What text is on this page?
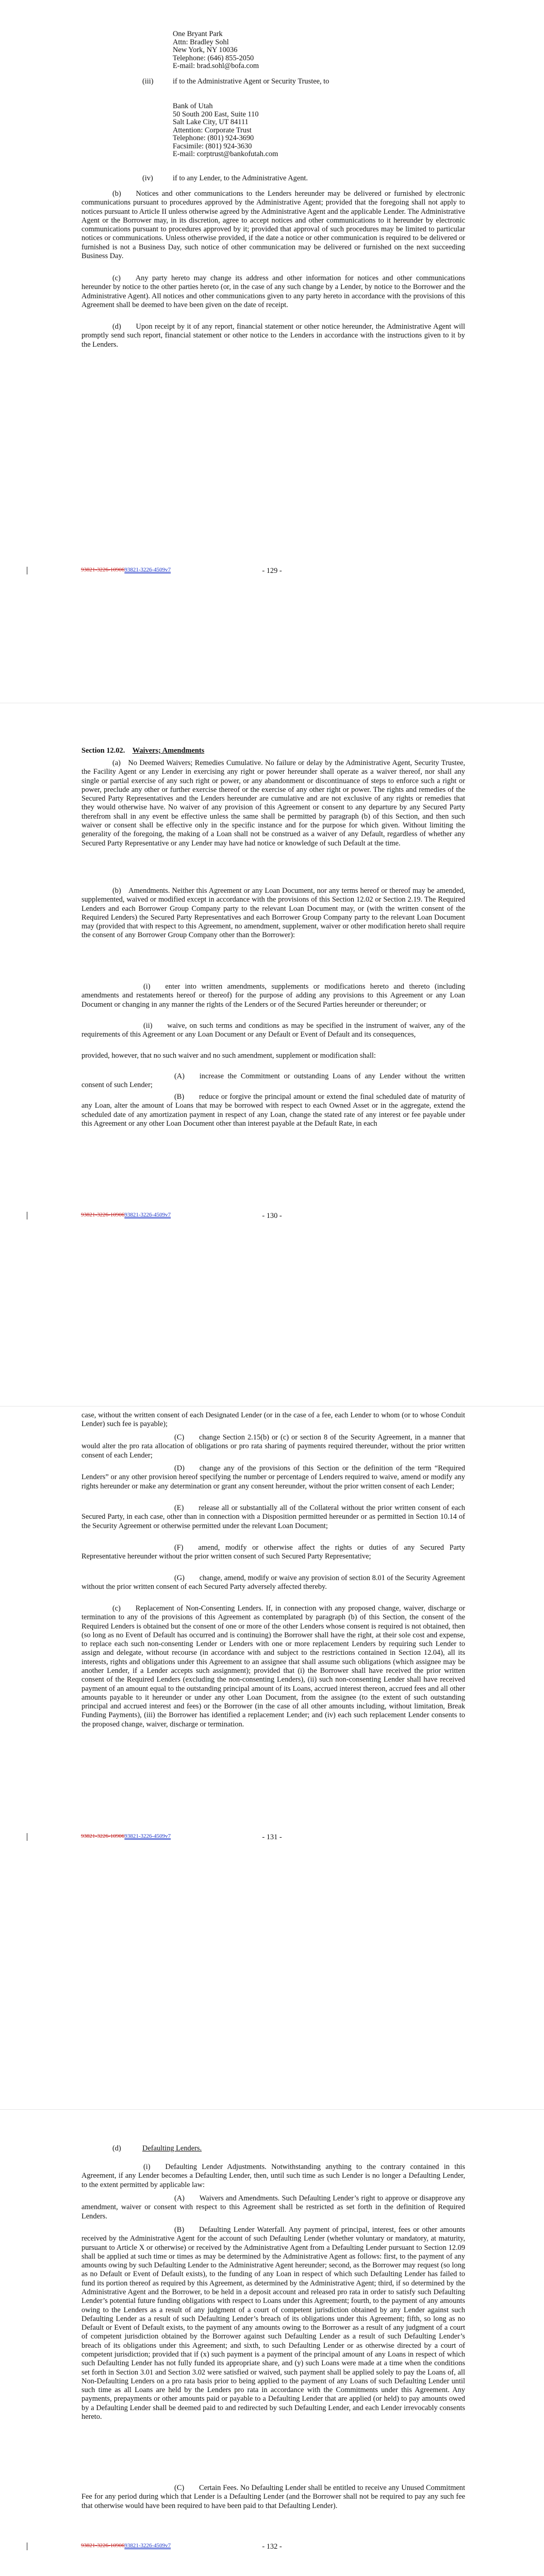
One Bryant Park
Attn: Bradley Sohl
New York, NY 10036
Telephone: (646) 855-2050
E-mail: brad.sohl@bofa.com
(iii)	if to the Administrative Agent or Security Trustee, to
Bank of Utah
50 South 200 East, Suite 110
Salt Lake City, UT 84111
Attention: Corporate Trust
Telephone: (801) 924-3690
Facsimile: (801) 924-3630
E-mail: corptrust@bankofutah.com
(iv)	if to any Lender, to the Administrative Agent.

(b)  Notices and other communications to the Lenders hereunder may be delivered or furnished by electronic communications pursuant to procedures approved by the Administrative Agent; provided that the foregoing shall not apply to notices pursuant to Article II unless otherwise agreed by the Administrative Agent and the applicable Lender. The Administrative Agent or the Borrower may, in its discretion, agree to accept notices and other communications to it hereunder by electronic communications pursuant to procedures approved by it; provided that approval of such procedures may be limited to particular notices or communications. Unless otherwise provided, if the date a notice or other communication is required to be delivered or furnished is not a Business Day, such notice of other communication may be delivered or furnished on the next succeeding Business Day.

(c)  Any party hereto may change its address and other information for notices and other communications hereunder by notice to the other parties hereto (or, in the case of any such change by a Lender, by notice to the Borrower and the Administrative Agent). All notices and other communications given to any party hereto in accordance with the provisions of this Agreement shall be deemed to have been given on the date of receipt.

(d)  Upon receipt by it of any report, financial statement or other notice hereunder, the Administrative Agent will promptly send such report, financial statement or other notice to the Lenders in accordance with the instructions given to it by the Lenders.

93821-3226-1090693821-3226-4509v7	- 129 -
Section 12.02.  Waivers; Amendments

(a) No Deemed Waivers; Remedies Cumulative. No failure or delay by the Administrative Agent, Security Trustee, the Facility Agent or any Lender in exercising any right or power hereunder shall operate as a waiver thereof, nor shall any single or partial exercise of any such right or power, or any abandonment or discontinuance of steps to enforce such a right or power, preclude any other or further exercise thereof or the exercise of any other right or power. The rights and remedies of the Secured Party Representatives and the Lenders hereunder are cumulative and are not exclusive of any rights or remedies that they would otherwise have. No waiver of any provision of this Agreement or consent to any departure by any Secured Party therefrom shall in any event be effective unless the same shall be permitted by paragraph (b) of this Section, and then such waiver or consent shall be effective only in the specific instance and for the purpose for which given. Without limiting the generality of the foregoing, the making of a Loan shall not be construed as a waiver of any Default, regardless of whether any Secured Party Representative or any Lender may have had notice or knowledge of such Default at the time.

(b) Amendments. Neither this Agreement or any Loan Document, nor any terms hereof or thereof may be amended, supplemented, waived or modified except in accordance with the provisions of this Section 12.02 or Section 2.19. The Required Lenders and each Borrower Group Company party to the relevant Loan Document may, or (with the written consent of the Required Lenders) the Secured Party Representatives and each Borrower Group Company party to the relevant Loan Document may (provided that with respect to this Agreement, no amendment, supplement, waiver or other modification hereto shall require the consent of any Borrower Group Company other than the Borrower):

(i)  enter into written amendments, supplements or modifications hereto and thereto (including amendments and restatements hereof or thereof) for the purpose of adding any provisions to this Agreement or any Loan Document or changing in any manner the rights of the Lenders or of the Secured Parties hereunder or thereunder; or

(ii)  waive, on such terms and conditions as may be specified in the instrument of waiver, any of the requirements of this Agreement or any Loan Document or any Default or Event of Default and its consequences,

provided, however, that no such waiver and no such amendment, supplement or modification shall:

(A)  increase the Commitment or outstanding Loans of any Lender without the written consent of such Lender;

(B)  reduce or forgive the principal amount or extend the final scheduled date of maturity of any Loan, alter the amount of Loans that may be borrowed with respect to each Owned Asset or in the aggregate, extend the scheduled date of any amortization payment in respect of any Loan, change the stated rate of any interest or fee payable under this Agreement or any other Loan Document other than interest payable at the Default Rate, in each

93821-3226-1090693821-3226-4509v7	- 130 -

case, without the written consent of each Designated Lender (or in the case of a fee, each Lender to whom (or to whose Conduit Lender) such fee is payable);

(C)  change Section 2.15(b) or (c) or section 8 of the Security Agreement, in a manner that would alter the pro rata allocation of obligations or pro rata sharing of payments required thereunder, without the prior written consent of each Lender;

(D)  change any of the provisions of this Section or the definition of the term “Required Lenders” or any other provision hereof specifying the number or percentage of Lenders required to waive, amend or modify any rights hereunder or make any determination or grant any consent hereunder, without the prior written consent of each Lender;

(E)  release all or substantially all of the Collateral without the prior written consent of each Secured Party, in each case, other than in connection with a Disposition permitted hereunder or as permitted in Section 10.14 of the Security Agreement or otherwise permitted under the relevant Loan Document;

(F)  amend, modify or otherwise affect the rights or duties of any Secured Party Representative hereunder without the prior written consent of such Secured Party Representative;

(G)  change, amend, modify or waive any provision of section 8.01 of the Security Agreement without the prior written consent of each Secured Party adversely affected thereby.

(c)  Replacement of Non-Consenting Lenders. If, in connection with any proposed change, waiver, discharge or termination to any of the provisions of this Agreement as contemplated by paragraph (b) of this Section, the consent of the Required Lenders is obtained but the consent of one or more of the other Lenders whose consent is required is not obtained, then (so long as no Event of Default has occurred and is continuing) the Borrower shall have the right, at their sole cost and expense, to replace each such non-consenting Lender or Lenders with one or more replacement Lenders by requiring such Lender to assign and delegate, without recourse (in accordance with and subject to the restrictions contained in Section 12.04), all its interests, rights and obligations under this Agreement to an assignee that shall assume such obligations (which assignee may be another Lender, if a Lender accepts such assignment); provided that (i) the Borrower shall have received the prior written consent of the Required Lenders (excluding the non-consenting Lenders), (ii) such non-consenting Lender shall have received payment of an amount equal to the outstanding principal amount of its Loans, accrued interest thereon, accrued fees and all other amounts payable to it hereunder or under any other Loan Document, from the assignee (to the extent of such outstanding principal and accrued interest and fees) or the Borrower (in the case of all other amounts including, without limitation, Break Funding Payments), (iii) the Borrower has identified a replacement Lender; and (iv) each such replacement Lender consents to the proposed change, waiver, discharge or termination.

93821-3226-1090693821-3226-4509v7	- 131 -
(d)	Defaulting Lenders.

(i)  Defaulting Lender Adjustments. Notwithstanding anything to the contrary contained in this Agreement, if any Lender becomes a Defaulting Lender, then, until such time as such Lender is no longer a Defaulting Lender, to the extent permitted by applicable law:

(A)  Waivers and Amendments. Such Defaulting Lender’s right to approve or disapprove any amendment, waiver or consent with respect to this Agreement shall be restricted as set forth in the definition of Required Lenders.

(B)  Defaulting Lender Waterfall. Any payment of principal, interest, fees or other amounts received by the Administrative Agent for the account of such Defaulting Lender (whether voluntary or mandatory, at maturity, pursuant to Article X or otherwise) or received by the Administrative Agent from a Defaulting Lender pursuant to Section 12.09 shall be applied at such time or times as may be determined by the Administrative Agent as follows: first, to the payment of any amounts owing by such Defaulting Lender to the Administrative Agent hereunder; second, as the Borrower may request (so long as no Default or Event of Default exists), to the funding of any Loan in respect of which such Defaulting Lender has failed to fund its portion thereof as required by this Agreement, as determined by the Administrative Agent; third, if so determined by the Administrative Agent and the Borrower, to be held in a deposit account and released pro rata in order to satisfy such Defaulting Lender’s potential future funding obligations with respect to Loans under this Agreement; fourth, to the payment of any amounts owing to the Lenders as a result of any judgment of a court of competent jurisdiction obtained by any Lender against such Defaulting Lender as a result of such Defaulting Lender’s breach of its obligations under this Agreement; fifth, so long as no Default or Event of Default exists, to the payment of any amounts owing to the Borrower as a result of any judgment of a court of competent jurisdiction obtained by the Borrower against such Defaulting Lender as a result of such Defaulting Lender’s breach of its obligations under this Agreement; and sixth, to such Defaulting Lender or as otherwise directed by a court of competent jurisdiction; provided that if (x) such payment is a payment of the principal amount of any Loans in respect of which such Defaulting Lender has not fully funded its appropriate share, and (y) such Loans were made at a time when the conditions set forth in Section 3.01 and Section 3.02 were satisfied or waived, such payment shall be applied solely to pay the Loans of, all Non-Defaulting Lenders on a pro rata basis prior to being applied to the payment of any Loans of such Defaulting Lender until such time as all Loans are held by the Lenders pro rata in accordance with the Commitments under this Agreement. Any payments, prepayments or other amounts paid or payable to a Defaulting Lender that are applied (or held) to pay amounts owed by a Defaulting Lender shall be deemed paid to and redirected by such Defaulting Lender, and each Lender irrevocably consents hereto.

(C)  Certain Fees. No Defaulting Lender shall be entitled to receive any Unused Commitment Fee for any period during which that Lender is a Defaulting Lender (and the Borrower shall not be required to pay any such fee that otherwise would have been required to have been paid to that Defaulting Lender).

93821-3226-1090693821-3226-4509v7	- 132 -
